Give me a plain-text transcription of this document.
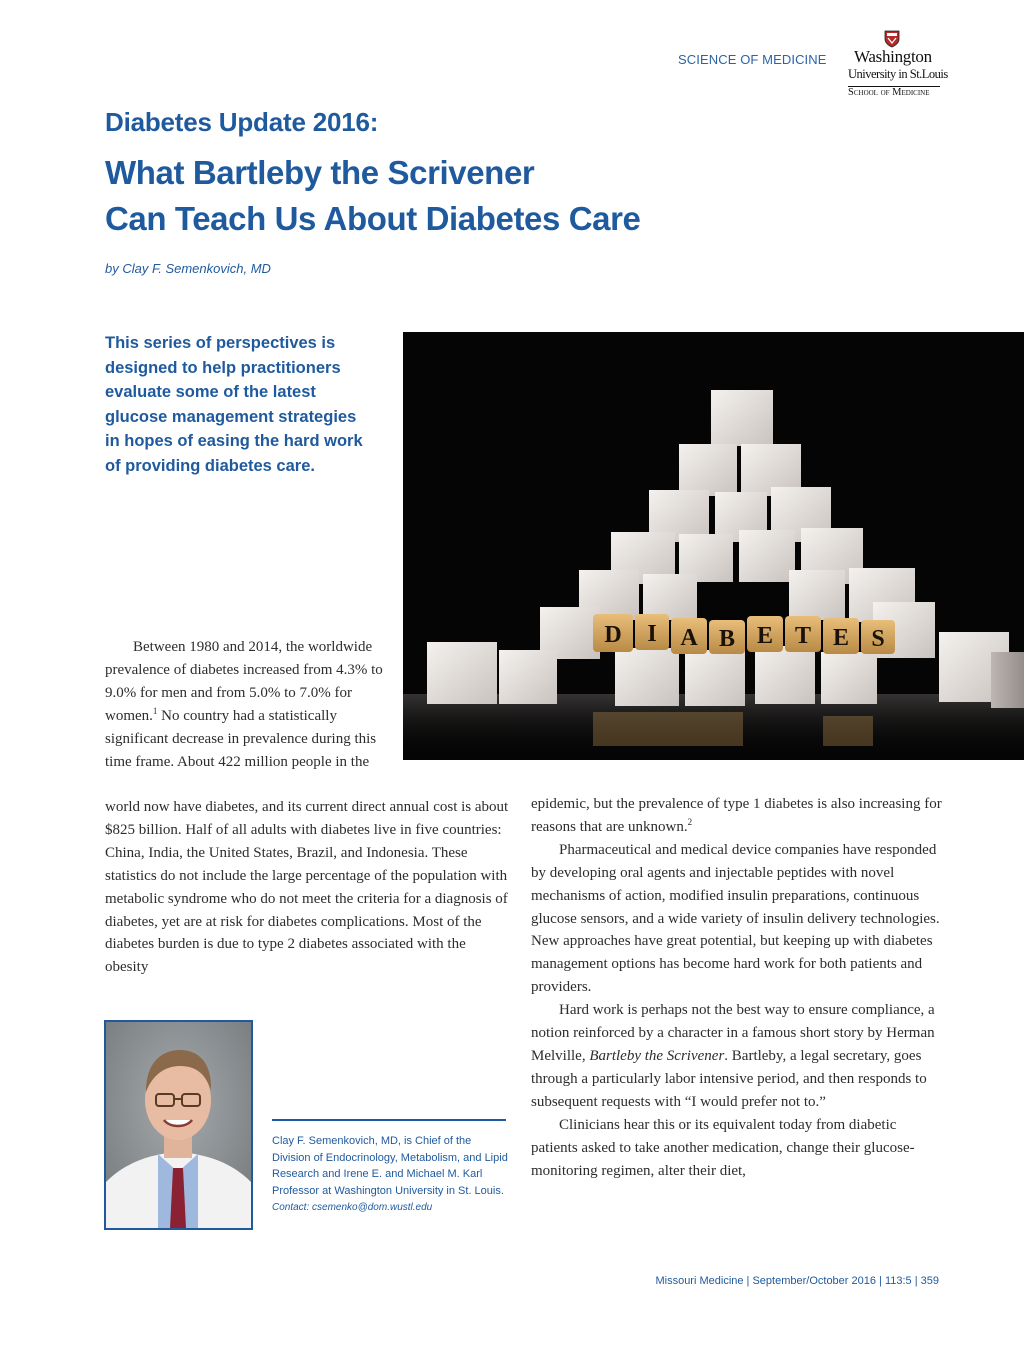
SCIENCE OF MEDICINE Washington
University in St.Louis
School of Medicine
Diabetes Update 2016:
What Bartleby the Scrivener
Can Teach Us About Diabetes Care
by Clay F. Semenkovich, MD
This series of perspectives is designed to help practitioners evaluate some of the latest glucose management strategies in hopes of easing the hard work of providing diabetes care.
D I A B E T E S

Between 1980 and 2014, the worldwide prevalence of diabetes increased from 4.3% to 9.0% for men and from 5.0% to 7.0% for women.$^1$ No country had a statistically significant decrease in prevalence during this time frame. About 422 million people in the

world now have diabetes, and its current direct annual cost is about $825 billion. Half of all adults with diabetes live in five countries: China, India, the United States, Brazil, and Indonesia. These statistics do not include the large percentage of the population with metabolic syndrome who do not meet the criteria for a diagnosis of diabetes, yet are at risk for diabetes complications. Most of the diabetes burden is due to type 2 diabetes associated with the obesity

epidemic, but the prevalence of type 1 diabetes is also increasing for reasons that are unknown.$^2$

Pharmaceutical and medical device companies have responded by developing oral agents and injectable peptides with novel mechanisms of action, modified insulin preparations, continuous glucose sensors, and a wide variety of insulin delivery technologies. New approaches have great potential, but keeping up with diabetes management options has become hard work for both patients and providers.

Hard work is perhaps not the best way to ensure compliance, a notion reinforced by a character in a famous short story by Herman Melville, Bartleby the Scrivener. Bartleby, a legal secretary, goes through a particularly labor intensive period, and then responds to subsequent requests with “I would prefer not to.”

Clinicians hear this or its equivalent today from diabetic patients asked to take another medication, change their glucose-monitoring regimen, alter their diet,

Clay F. Semenkovich, MD, is Chief of the Division of Endocrinology, Metabolism, and Lipid Research and Irene E. and Michael M. Karl Professor at Washington University in St. Louis.
Contact: csemenko@dom.wustl.edu
Missouri Medicine | September/October 2016 | 113:5 | 359
